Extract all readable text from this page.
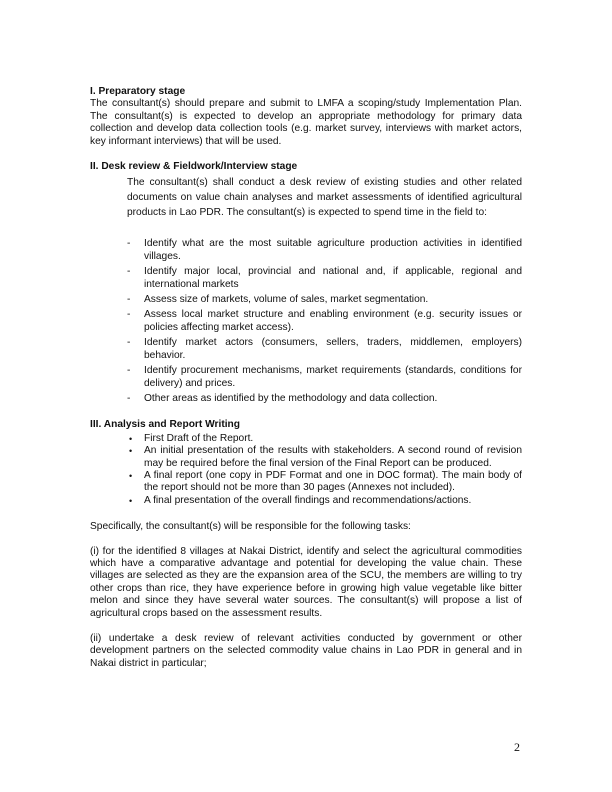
I. Preparatory stage

The consultant(s) should prepare and submit to LMFA a scoping/study Implementation Plan. The consultant(s) is expected to develop an appropriate methodology for primary data collection and develop data collection tools (e.g. market survey, interviews with market actors, key informant interviews) that will be used.

II. Desk review & Fieldwork/Interview stage

The consultant(s) shall conduct a desk review of existing studies and other related documents on value chain analyses and market assessments of identified agricultural products in Lao PDR. The consultant(s) is expected to spend time in the field to:

- Identify what are the most suitable agriculture production activities in identified villages.
- Identify major local, provincial and national and, if applicable, regional and international markets
- Assess size of markets, volume of sales, market segmentation.
- Assess local market structure and enabling environment (e.g. security issues or policies affecting market access).
- Identify market actors (consumers, sellers, traders, middlemen, employers) behavior.
- Identify procurement mechanisms, market requirements (standards, conditions for delivery) and prices.
- Other areas as identified by the methodology and data collection.

III. Analysis and Report Writing

• First Draft of the Report.
• An initial presentation of the results with stakeholders. A second round of revision may be required before the final version of the Final Report can be produced.
• A final report (one copy in PDF Format and one in DOC format). The main body of the report should not be more than 30 pages (Annexes not included).
• A final presentation of the overall findings and recommendations/actions.

Specifically, the consultant(s) will be responsible for the following tasks:

(i) for the identified 8 villages at Nakai District, identify and select the agricultural commodities which have a comparative advantage and potential for developing the value chain. These villages are selected as they are the expansion area of the SCU, the members are willing to try other crops than rice, they have experience before in growing high value vegetable like bitter melon and since they have several water sources. The consultant(s) will propose a list of agricultural crops based on the assessment results.

(ii) undertake a desk review of relevant activities conducted by government or other development partners on the selected commodity value chains in Lao PDR in general and in Nakai district in particular;

2
